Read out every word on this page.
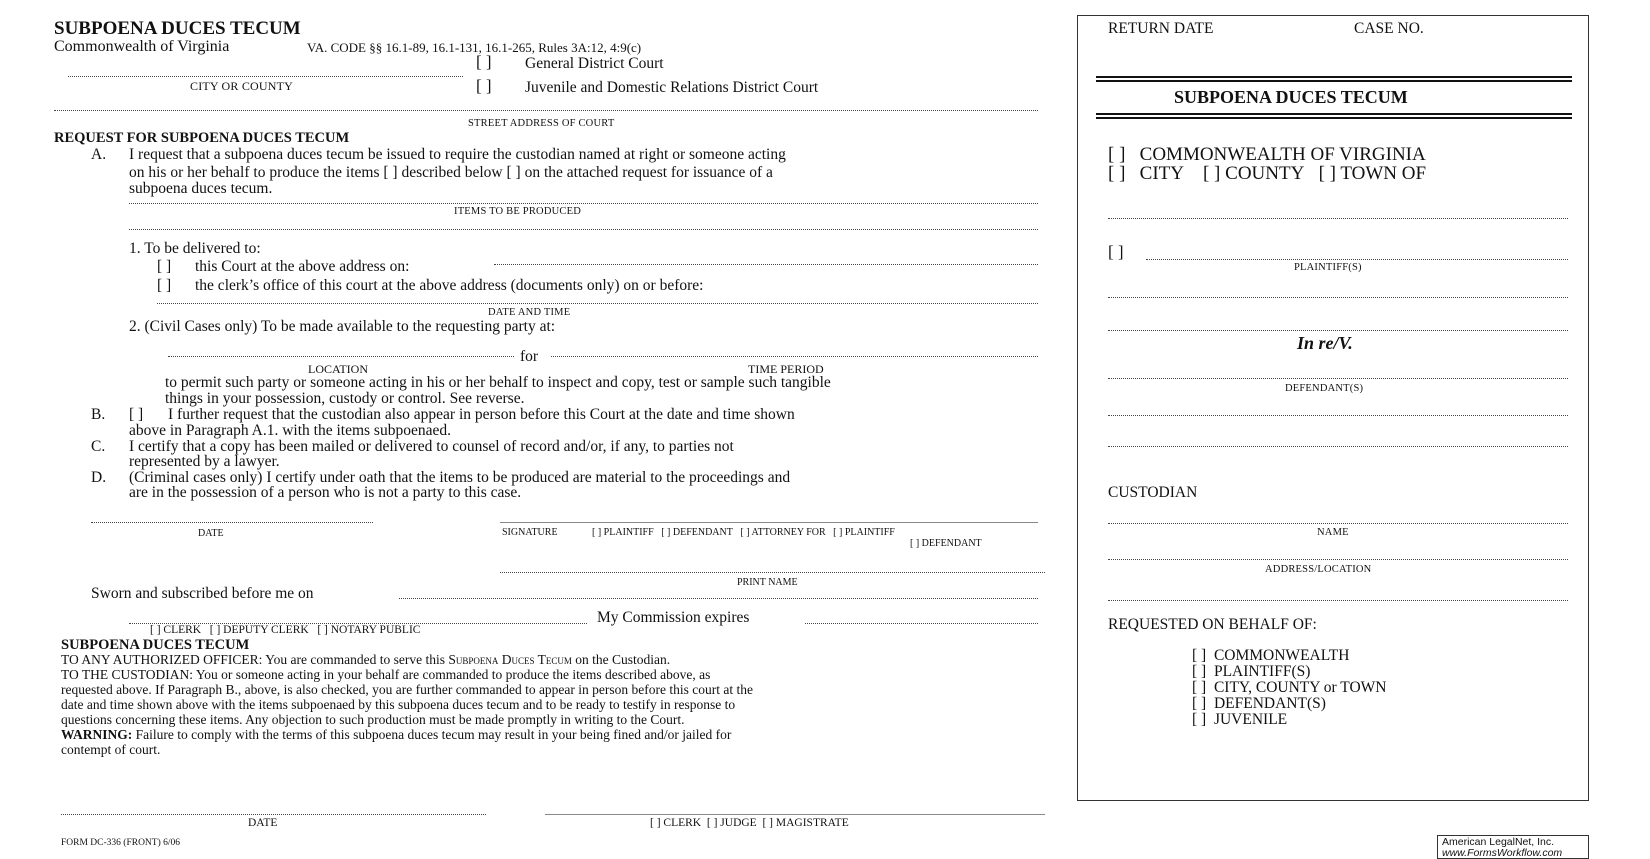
SUBPOENA DUCES TECUM
Commonwealth of Virginia	VA. CODE §§ 16.1-89, 16.1-131, 16.1-265, Rules 3A:12, 4:9(c)
[ ] General District Court
[ ] Juvenile and Domestic Relations District Court
CITY OR COUNTY
STREET ADDRESS OF COURT
REQUEST FOR SUBPOENA DUCES TECUM
A. I request that a subpoena duces tecum be issued to require the custodian named at right or someone acting
on his or her behalf to produce the items [ ] described below [ ] on the attached request for issuance of a
subpoena duces tecum.
ITEMS TO BE PRODUCED
1. To be delivered to:
[ ] this Court at the above address on:
[ ] the clerk’s office of this court at the above address (documents only) on or before:
DATE AND TIME
2. (Civil Cases only) To be made available to the requesting party at:
for
LOCATION	TIME PERIOD
to permit such party or someone acting in his or her behalf to inspect and copy, test or sample such tangible
things in your possession, custody or control. See reverse.
B. [ ] I further request that the custodian also appear in person before this Court at the date and time shown
above in Paragraph A.1. with the items subpoenaed.
C. I certify that a copy has been mailed or delivered to counsel of record and/or, if any, to parties not
represented by a lawyer.
D. (Criminal cases only) I certify under oath that the items to be produced are material to the proceedings and
are in the possession of a person who is not a party to this case.
DATE	SIGNATURE	[ ] PLAINTIFF [ ] DEFENDANT [ ] ATTORNEY FOR [ ] PLAINTIFF
[ ] DEFENDANT
PRINT NAME
Sworn and subscribed before me on
My Commission expires
[ ] CLERK [ ] DEPUTY CLERK [ ] NOTARY PUBLIC
SUBPOENA DUCES TECUM
TO ANY AUTHORIZED OFFICER: You are commanded to serve this Subpoena Duces Tecum on the Custodian.
TO THE CUSTODIAN: You or someone acting in your behalf are commanded to produce the items described above, as
requested above. If Paragraph B., above, is also checked, you are further commanded to appear in person before this court at the
date and time shown above with the items subpoenaed by this subpoena duces tecum and to be ready to testify in response to
questions concerning these items. Any objection to such production must be made promptly in writing to the Court.
WARNING: Failure to comply with the terms of this subpoena duces tecum may result in your being fined and/or jailed for
contempt of court.
DATE	[ ] CLERK [ ] JUDGE [ ] MAGISTRATE
FORM DC-336 (FRONT) 6/06
RETURN DATE	CASE NO.
SUBPOENA DUCES TECUM
[ ] COMMONWEALTH OF VIRGINIA
[ ] CITY [ ] COUNTY [ ] TOWN OF
[ ]
PLAINTIFF(S)
In re/V.
DEFENDANT(S)
CUSTODIAN
NAME
ADDRESS/LOCATION
REQUESTED ON BEHALF OF:
[ ] COMMONWEALTH
[ ] PLAINTIFF(S)
[ ] CITY, COUNTY or TOWN
[ ] DEFENDANT(S)
[ ] JUVENILE
American LegalNet, Inc.
www.FormsWorkflow.com
